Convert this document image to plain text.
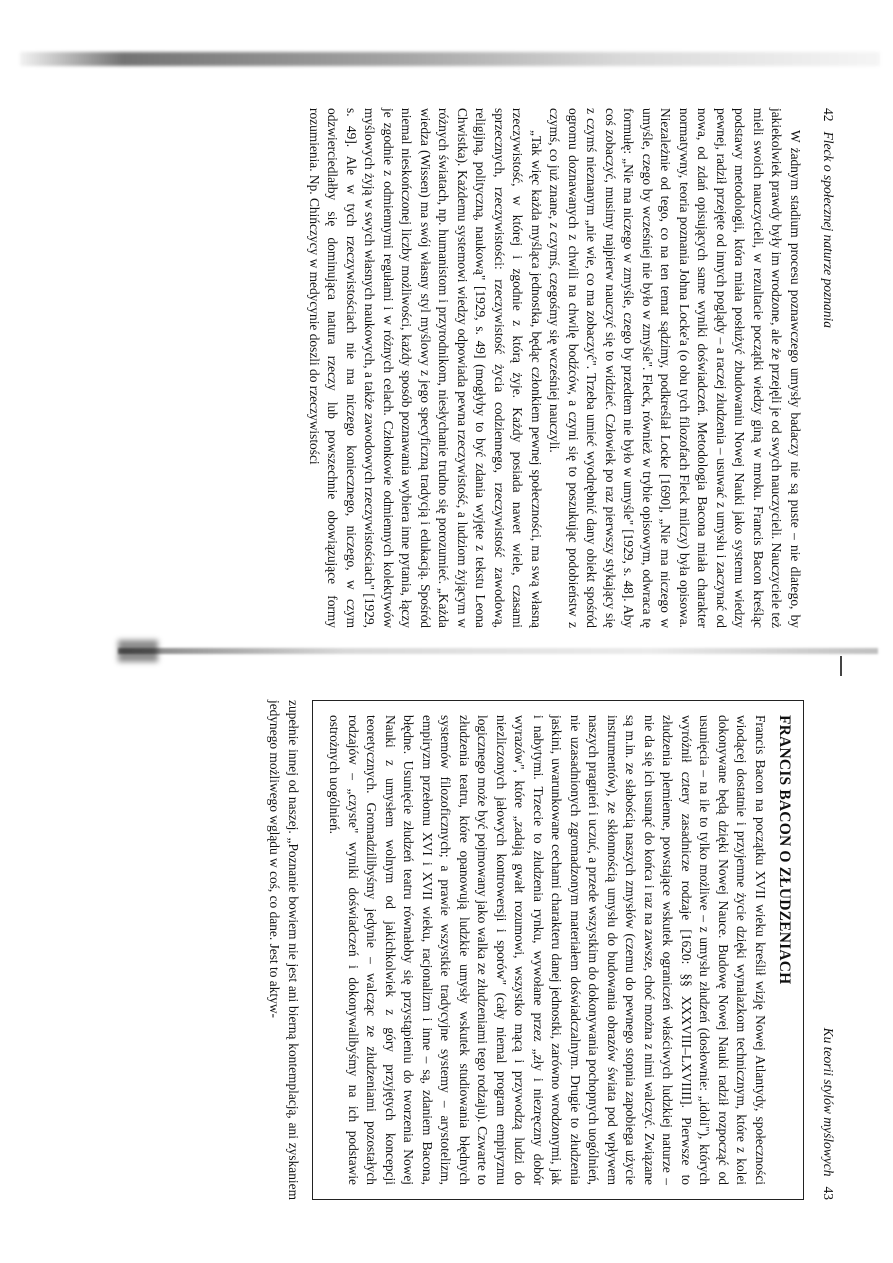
42
Fleck o społecznej naturze poznania

W żadnym stadium procesu poznawczego umysły badaczy nie są puste – nie dlatego, by jakiekolwiek prawdy były im wrodzone, ale że przejęli je od swych nauczycieli. Nauczyciele też mieli swoich nauczycieli, w rezultacie początki wiedzy giną w mroku. Francis Bacon kreśląc podstawy metodologii, która miała posłużyć zbudowaniu Nowej Nauki jako systemu wiedzy pewnej, radził przejęte od innych poglądy – a raczej złudzenia – usuwać z umysłu i zaczynać od nowa, od zdań opisujących same wyniki doświadczeń. Metodologia Bacona miała charakter normatywny, teoria poznania Johna Locke'a (o obu tych filozofach Fleck milczy) była opisowa. Niezależnie od tego, co na ten temat sądzimy, podkreślał Locke [1690], „Nie ma niczego w umyśle, czego by wcześniej nie było w zmyśle". Fleck, również w trybie opisowym, odwraca tę formułę: „Nie ma niczego w zmyśle, czego by przedtem nie było w umyśle" [1929, s. 48]. Aby coś zobaczyć, musimy najpierw nauczyć się to widzieć. Człowiek po raz pierwszy stykający się z czymś nieznanym „nie wie, co ma zobaczyć". Trzeba umieć wyodrębnić dany obiekt spośród ogromu doznawanych z chwili na chwilę bodźców, a czyni się to poszukując podobieństw z czymś, co już znane, z czymś, czegośmy się wcześniej nauczyli.

„Tak więc każda myśląca jednostka, będąc członkiem pewnej społeczności, ma swą własną rzeczywistość, w której i zgodnie z którą żyje. Każdy posiada nawet wiele, czasami sprzecznych, rzeczywistości: rzeczywistość życia codziennego, rzeczywistość zawodową, religijną, polityczną, naukową" [1929, s. 49] (mogłyby to być zdania wyjęte z tekstu Leona Chwistka). Każdemu systemowi wiedzy odpowiada pewna rzeczywistość, a ludziom żyjącym w różnych światach, np. humanistom i przyrodnikom, niesłychanie trudno się porozumieć. „Każda wiedza (Wissen) ma swój własny styl myślowy z jego specyficzną tradycją i edukacją. Spośród niemal nieskończonej liczby możliwości, każdy sposób poznawania wybiera inne pytania, łączy je zgodnie z odmiennymi regułami i w różnych celach. Członkowie odmiennych kolektywów myślowych żyją w swych własnych naukowych, a także zawodowych rzeczywistościach" [1929, s. 49]. Ale w tych rzeczywistościach nie ma niczego koniecznego, niczego, w czym odzwierciedlałby się dominująca natura rzeczy lub powszechnie obowiązujące formy rozumienia. Np. Chińczycy w medycynie doszli do rzeczywistości

Ku teorii stylów myślowych
43
FRANCIS BACON O ZŁUDZENIACH

Francis Bacon na początku XVII wieku kreślił wizję Nowej Atlantydy, społeczności wiodącej dostatnie i przyjemne życie dzięki wynalazkom technicznym, które z kolei dokonywane będą dzięki Nowej Nauce. Budowę Nowej Nauki radził rozpocząć od usunięcia – na ile to tylko możliwe – z umysłu złudzeń (dosłownie: „idoli"), których wyróżnił cztery zasadnicze rodzaje [1620: §§ XXXVIII–LXVIIII]. Pierwsze to złudzenia plemienne, powstające wskutek ograniczeń właściwych ludzkiej naturze – nie da się ich usunąć do końca i raz na zawsze, choć można z nimi walczyć. Związane są m.in. ze słabością naszych zmysłów (czemu do pewnego stopnia zapobiega użycie instrumentów), ze skłonnością umysłu do budowania obrazów świata pod wpływem naszych pragnień i uczuć, a przede wszystkim do dokonywania pochopnych uogólnień, nie uzasadnionych zgromadzonym materiałem doświadczalnym. Drugie to złudzenia jaskini, uwarunkowane cechami charakteru danej jednostki, zarówno wrodzonymi, jak i nabytymi. Trzecie to złudzenia rynku, wywołane przez „zły i niezręczny dobór wyrazów", które „zadają gwałt rozumowi, wszystko mącą i przywodzą ludzi do niezliczonych jałowych kontrowersji i sporów" (cały niemal program empiryzmu logicznego może być pojmowany jako walka ze złudzeniami tego rodzaju). Czwarte to złudzenia teatru, które opanowują ludzkie umysły wskutek studiowania błędnych systemów filozoficznych; a prawie wszystkie tradycyjne systemy – arystotelizm, empiryzm przełomu XVI i XVII wieku, racjonalizm i inne – są, zdaniem Bacona, błędne. Usunięcie złudzeń teatru równałoby się przystąpieniu do tworzenia Nowej Nauki z umysłem wolnym od jakichkolwiek z góry przyjętych koncepcji teoretycznych. Gromadzilibyśmy jedynie – walcząc ze złudzeniami pozostałych rodzajów – „czyste" wyniki doświadczeń i dokonywalibyśmy na ich podstawie ostrożnych uogólnień.

zupełnie innej od naszej. „Poznanie bowiem nie jest ani bierną kontemplacją, ani zyskaniem jedynego możliwego wglądu w coś, co dane. Jest to aktyw-
